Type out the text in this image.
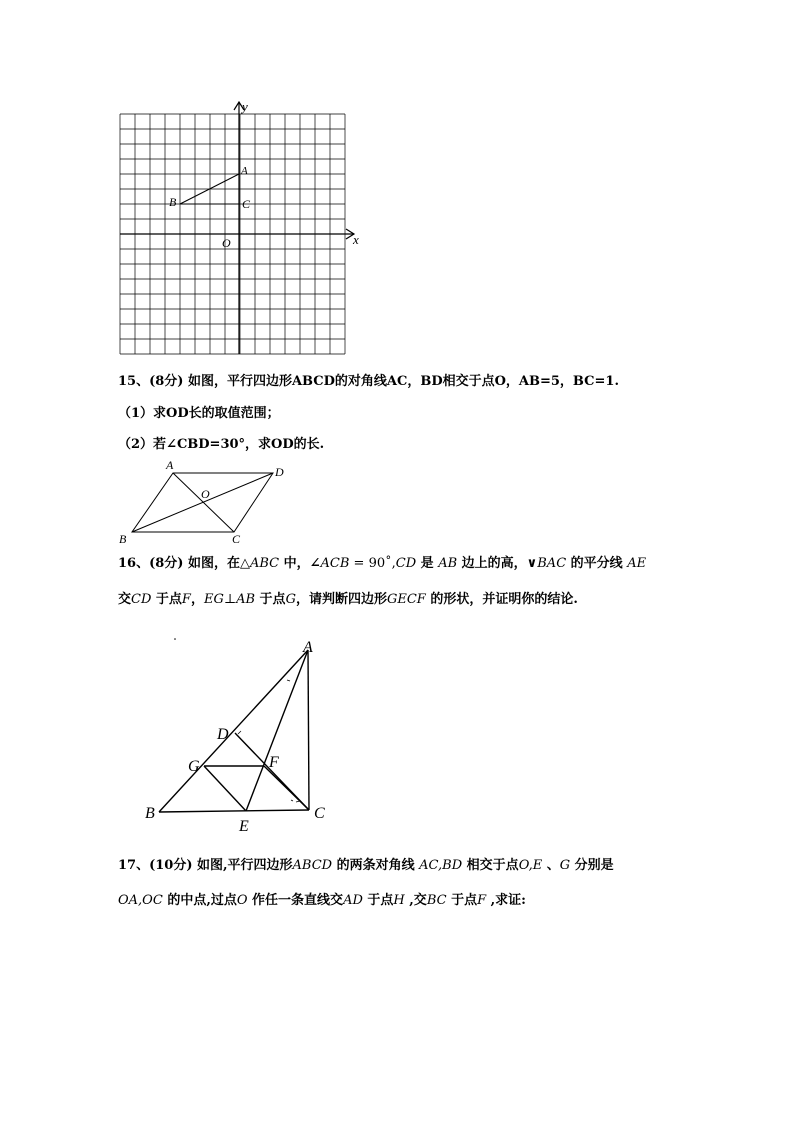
x
y
O
A
B	C
15、(8分) 如图，平行四边形ABCD的对角线AC，BD相交于点O，AB=5，BC=1.
（1）求OD长的取值范围；
（2）若∠CBD=30°，求OD的长.
A	D
O
B	C
16、(8分) 如图，在△ABC 中，∠ACB = 90˚,CD 是 AB 边上的高，∨BAC 的平分线 AE
交CD 于点F，EG⊥AB 于点G，请判断四边形GECF 的形状，并证明你的结论.
A
D
G	F
B
E
C
17、(10分) 如图,平行四边形ABCD 的两条对角线 AC,BD 相交于点O,E 、G 分别是
OA,OC 的中点,过点O 作任一条直线交AD 于点H ,交BC 于点F ,求证:
